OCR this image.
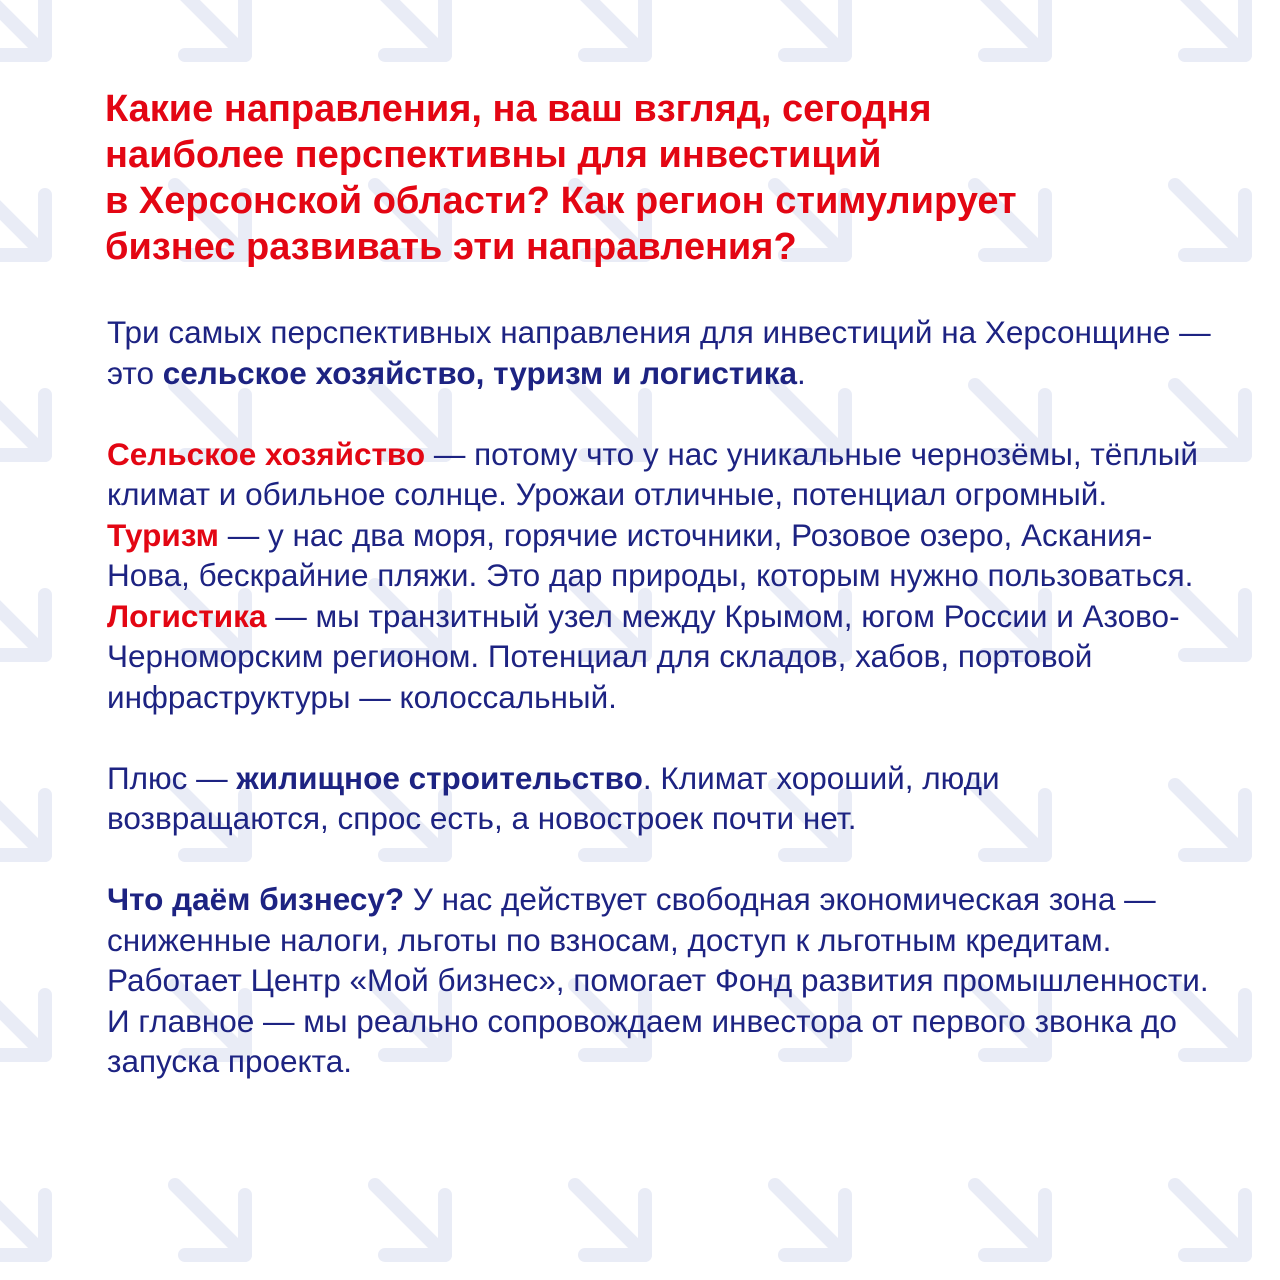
Какие направления, на ваш взгляд, сегодня
наиболее перспективны для инвестиций
в Херсонской области? Как регион стимулирует
бизнес развивать эти направления?

Три самых перспективных направления для инвестиций на Херсонщине — это сельское хозяйство, туризм и логистика.

Сельское хозяйство — потому что у нас уникальные чернозёмы, тёплый климат и обильное солнце. Урожаи отличные, потенциал огромный.

Туризм — у нас два моря, горячие источники, Розовое озеро, Аскания-Нова, бескрайние пляжи. Это дар природы, которым нужно пользоваться.

Логистика — мы транзитный узел между Крымом, югом России и Азово-Черноморским регионом. Потенциал для складов, хабов, портовой инфраструктуры — колоссальный.

Плюс — жилищное строительство. Климат хороший, люди возвращаются, спрос есть, а новостроек почти нет.

Что даём бизнесу? У нас действует свободная экономическая зона — сниженные налоги, льготы по взносам, доступ к льготным кредитам. Работает Центр «Мой бизнес», помогает Фонд развития промышленности. И главное — мы реально сопровождаем инвестора от первого звонка до запуска проекта.
